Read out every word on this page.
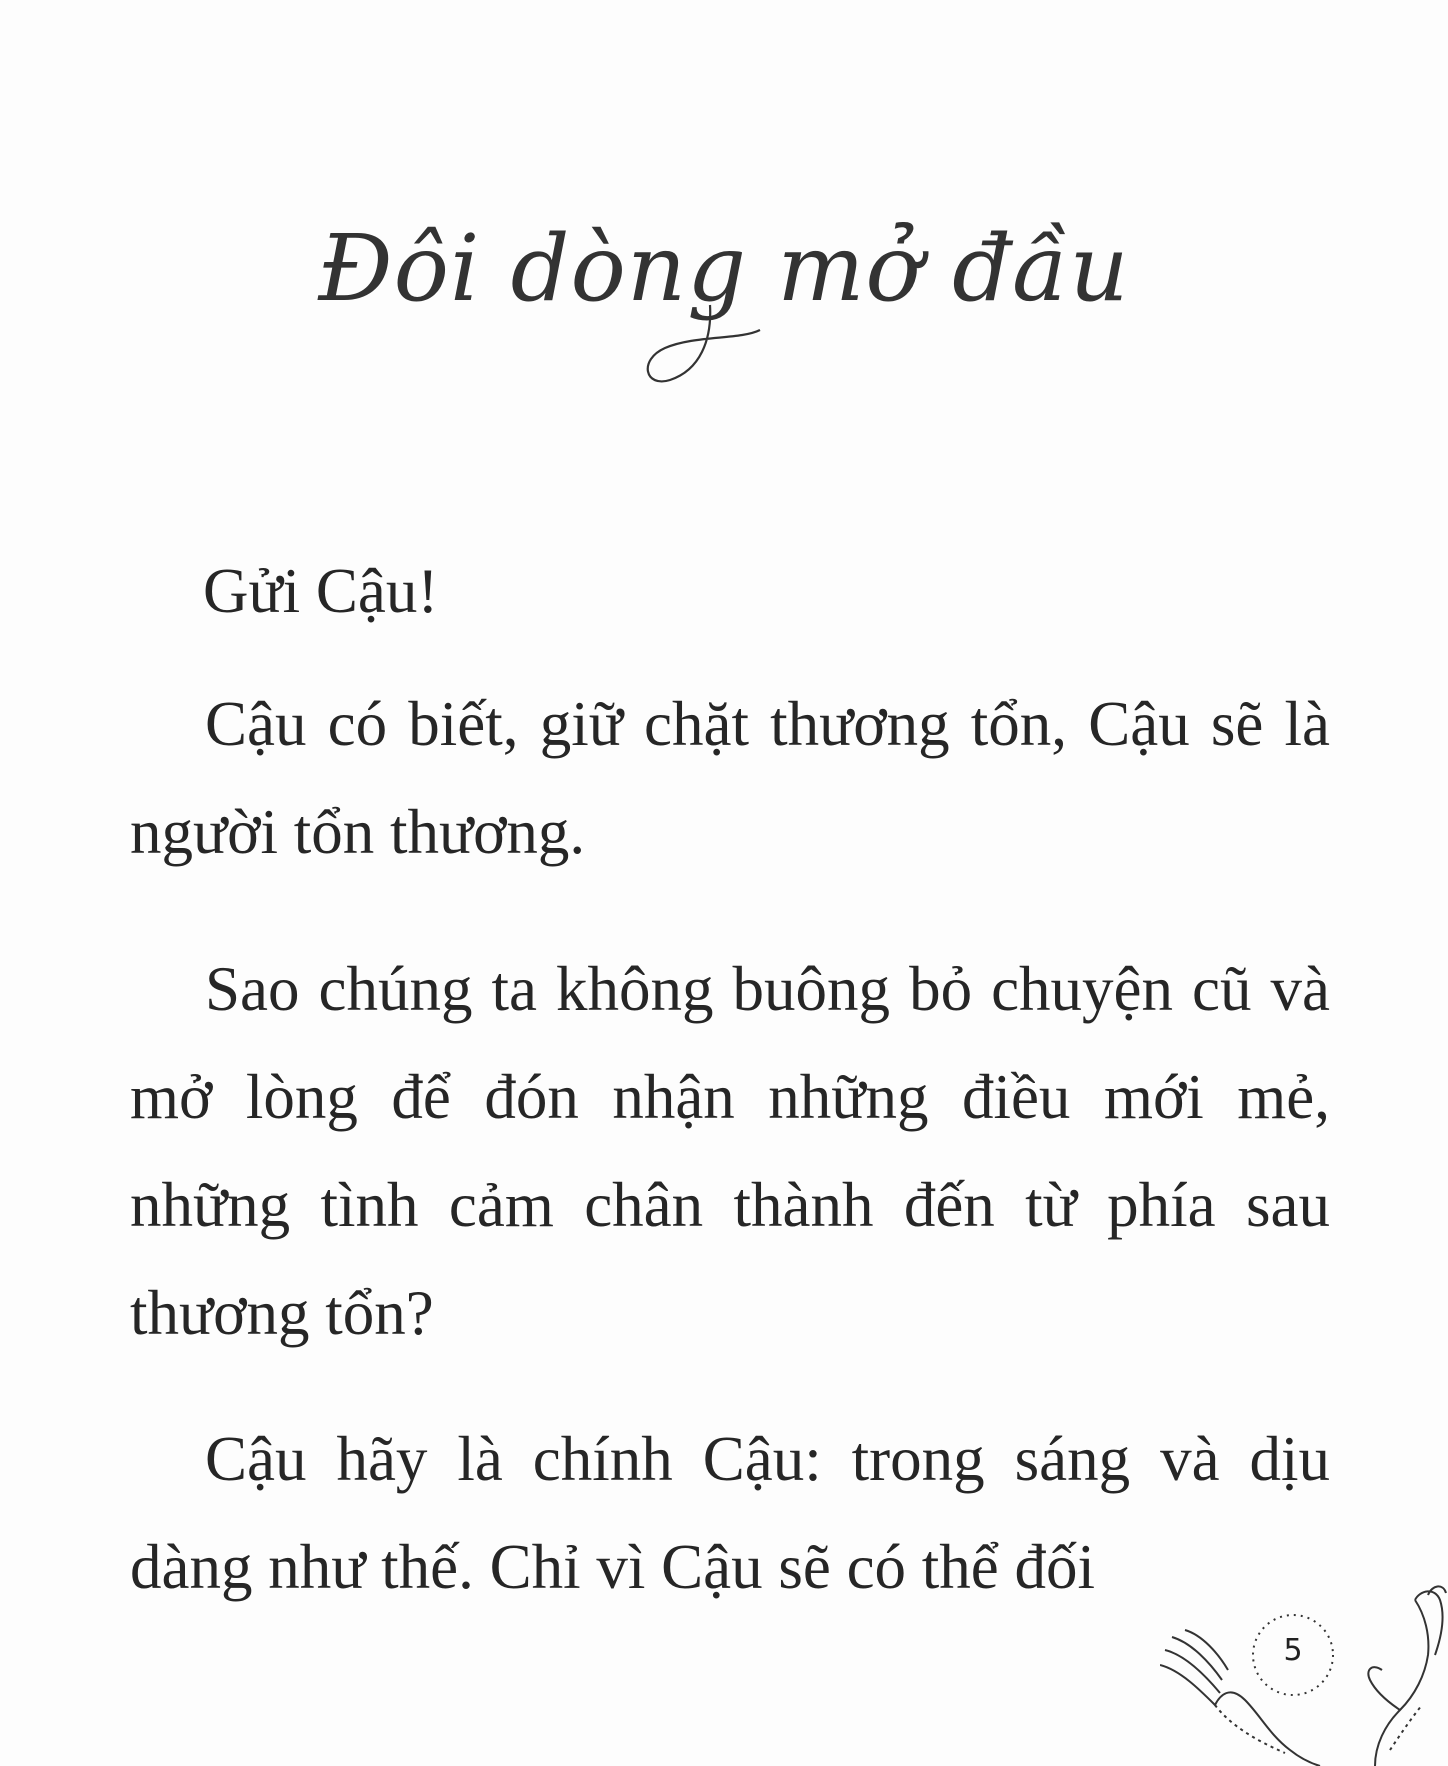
Đôi dòng mở đầu
Gửi Cậu!
Cậu có biết, giữ chặt thương tổn, Cậu sẽ là người tổn thương.
Sao chúng ta không buông bỏ chuyện cũ và mở lòng để đón nhận những điều mới mẻ, những tình cảm chân thành đến từ phía sau thương tổn?
Cậu hãy là chính Cậu: trong sáng và dịu dàng như thế. Chỉ vì Cậu sẽ có thể đối
5
